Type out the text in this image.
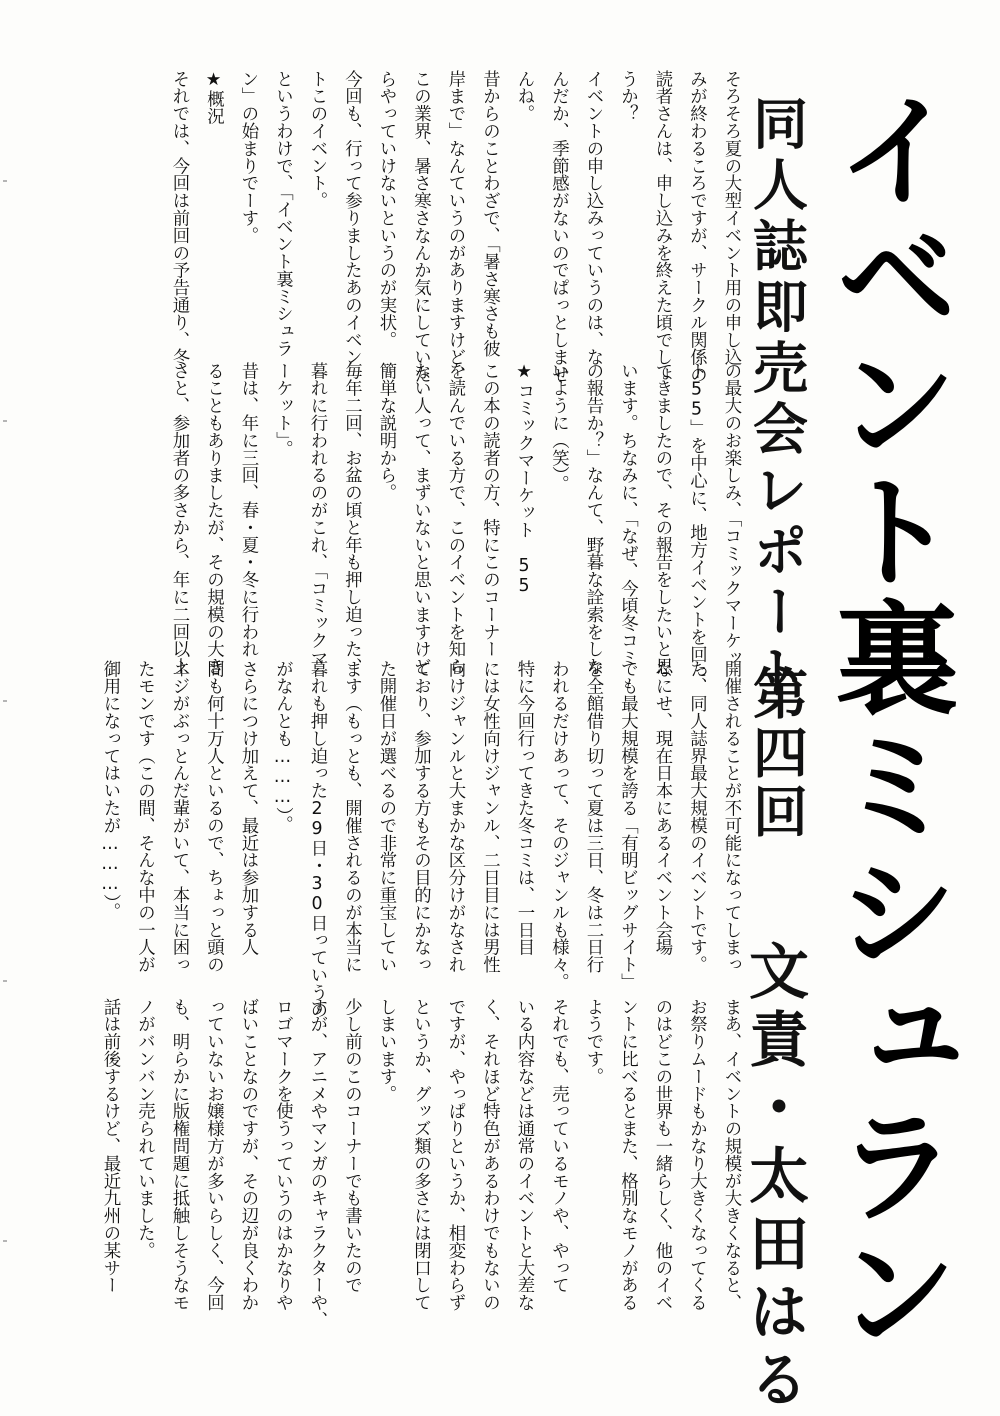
イベント裏ミシュラン
同人誌即売会レポート
第四回
文責・太田はる
そろそろ夏の大型イベント用の申し込
みが終わるころですが、サークル関係の
読者さんは、申し込みを終えた頃でしょ
うか？
イベントの申し込みっていうのは、な
んだか、季節感がないのでぱっとしませ
んね。
昔からのことわざで、「暑さ寒さも彼
岸まで」なんていうのがありますけど、
この業界、暑さ寒さなんか気にしていた
らやっていけないというのが実状。
今回も、行って参りましたあのイベン
トこのイベント。
というわけで、「イベント裏ミシュラ
ン」の始まりでーす。
★概況
それでは、今回は前回の予告通り、冬
の最大のお楽しみ、「コミックマーケッ
ト55」を中心に、地方イベントを回っ
てきましたので、その報告をしたいと思
います。ちなみに、「なぜ、今頃冬コミ
の報告か？」なんて、野暮な詮索をしな
いように（笑）。
★コミックマーケット　55
この本の読者の方、特にこのコーナー
を読んでいる方で、このイベントを知ら
ない人って、まずいないと思いますけど
簡単な説明から。
毎年二回、お盆の頃と年も押し迫った、
暮れに行われるのがこれ、「コミックマ
ーケット」。
昔は、年に三回、春・夏・冬に行われ
ることもありましたが、その規模の大き
さと、参加者の多さから、年に二回以上
開催されることが不可能になってしまっ
た、同人誌界最大規模のイベントです。
なにせ、現在日本にあるイベント会場
でも最大規模を誇る「有明ビッグサイト」
を全館借り切って夏は三日、冬は二日行
われるだけあって、そのジャンルも様々。
特に今回行ってきた冬コミは、一日目
には女性向けジャンル、二日目には男性
向けジャンルと大まかな区分けがなされ
ており、参加する方もその目的にかなっ
た開催日が選べるので非常に重宝してい
ます（もっとも、開催されるのが本当に
暮れも押し迫った29日・30日っていうの
がなんとも………）。
さらにつけ加えて、最近は参加する人
間も何十万人といるので、ちょっと頭の
ネジがぶっとんだ輩がいて、本当に困っ
たモンです（この間、そんな中の一人が
御用になってはいたが………）。
まあ、イベントの規模が大きくなると、
お祭りムードもかなり大きくなってくる
のはどこの世界も一緒らしく、他のイベ
ントに比べるとまた、格別なモノがある
ようです。
それでも、売っているモノや、やって
いる内容などは通常のイベントと大差な
く、それほど特色があるわけでもないの
ですが、やっぱりというか、相変わらず
というか、グッズ類の多さには閉口して
しまいます。
少し前のこのコーナーでも書いたので
すが、アニメやマンガのキャラクターや、
ロゴマークを使うっていうのはかなりや
ばいことなのですが、その辺が良くわか
っていないお嬢様方が多いらしく、今回
も、明らかに版権問題に抵触しそうなモ
ノがバンバン売られていました。
話は前後するけど、最近九州の某サー
